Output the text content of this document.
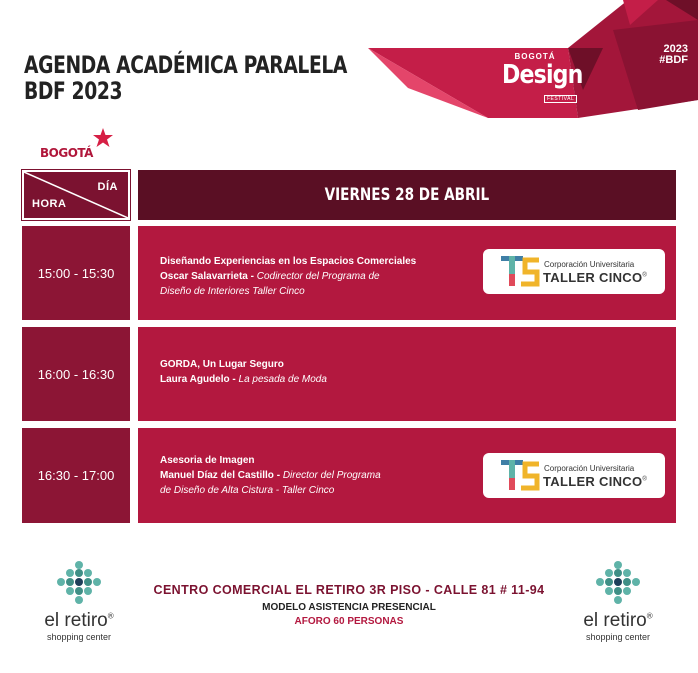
AGENDA ACADÉMICA PARALELA
BDF 2023
BOGOTÁ
Design
FESTIVAL
2023
#BDF
BOGOTÁ
DÍA
HORA	VIERNES 28 DE ABRIL
15:00 - 15:30
Diseñando Experiencias en los Espacios Comerciales
Oscar Salavarrieta - Codirector del Programa de
Diseño de Interiores Taller Cinco
Corporación Universitaria
TALLER CINCO®
16:00 - 16:30
GORDA, Un Lugar Seguro
Laura Agudelo - La pesada de Moda
16:30 - 17:00
Asesoria de Imagen
Manuel Díaz del Castillo - Director del Programa
de Diseño de Alta Cistura - Taller Cinco
Corporación Universitaria
TALLER CINCO®
el retiro®
shopping center
CENTRO COMERCIAL EL RETIRO 3R PISO - CALLE 81 # 11-94
MODELO ASISTENCIA PRESENCIAL
AFORO 60 PERSONAS	el retiro®
shopping center
